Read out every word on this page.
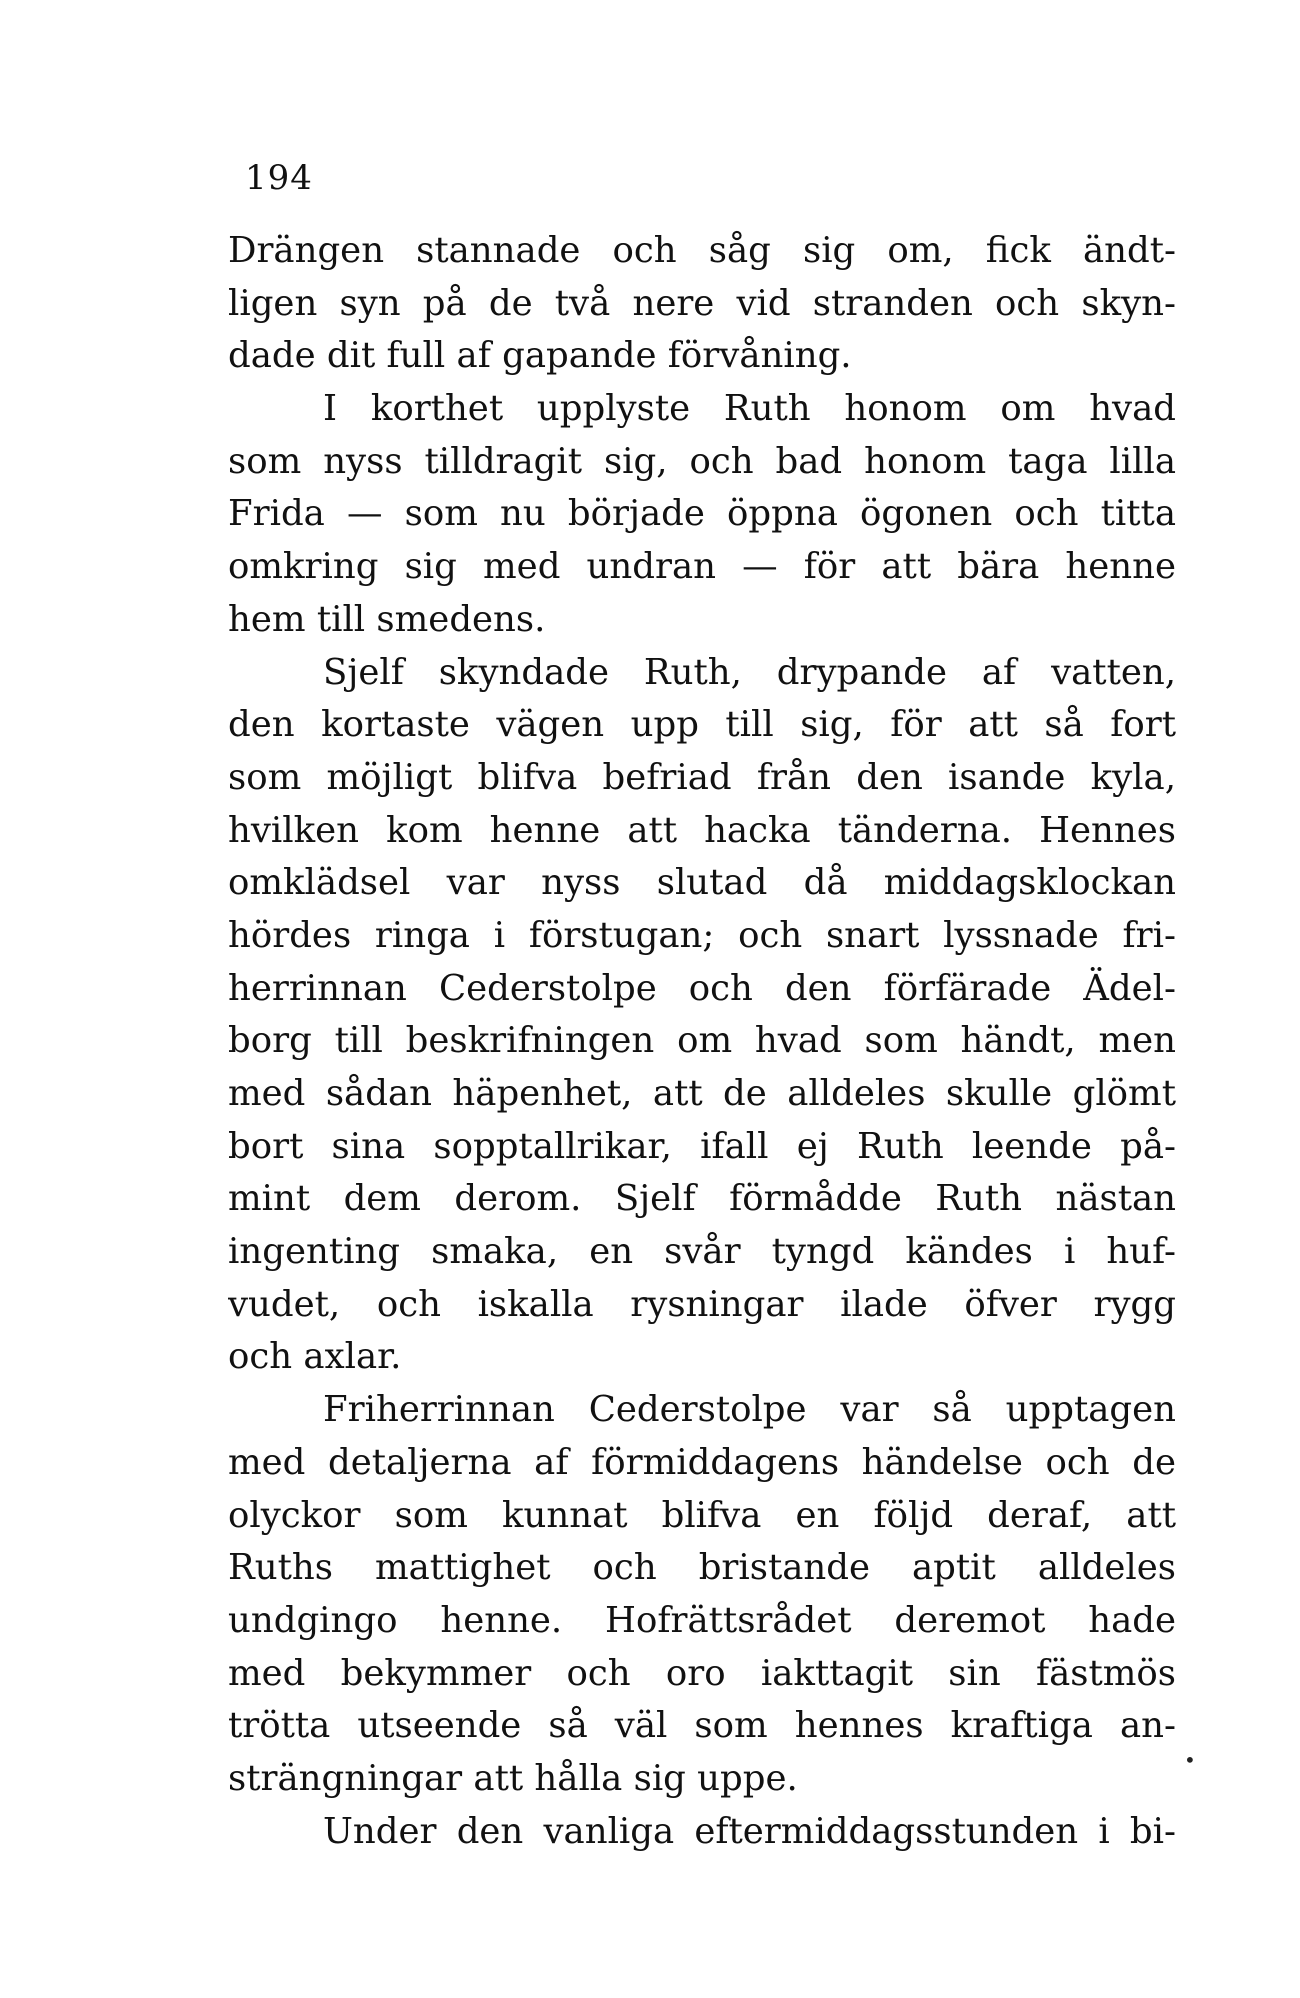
194
Drängen stannade och såg sig om, fick ändt-
ligen syn på de två nere vid stranden och skyn-
dade dit full af gapande förvåning.
I korthet upplyste Ruth honom om hvad
som nyss tilldragit sig, och bad honom taga lilla
Frida — som nu började öppna ögonen och titta
omkring sig med undran — för att bära henne
hem till smedens.
Sjelf skyndade Ruth, drypande af vatten,
den kortaste vägen upp till sig, för att så fort
som möjligt blifva befriad från den isande kyla,
hvilken kom henne att hacka tänderna. Hennes
omklädsel var nyss slutad då middagsklockan
hördes ringa i förstugan; och snart lyssnade fri-
herrinnan Cederstolpe och den förfärade Ädel-
borg till beskrifningen om hvad som händt, men
med sådan häpenhet, att de alldeles skulle glömt
bort sina sopptallrikar, ifall ej Ruth leende på-
mint dem derom. Sjelf förmådde Ruth nästan
ingenting smaka, en svår tyngd kändes i huf-
vudet, och iskalla rysningar ilade öfver rygg
och axlar.
Friherrinnan Cederstolpe var så upptagen
med detaljerna af förmiddagens händelse och de
olyckor som kunnat blifva en följd deraf, att
Ruths mattighet och bristande aptit alldeles
undgingo henne. Hofrättsrådet deremot hade
med bekymmer och oro iakttagit sin fästmös
trötta utseende så väl som hennes kraftiga an-
strängningar att hålla sig uppe.
Under den vanliga eftermiddagsstunden i bi-
•
